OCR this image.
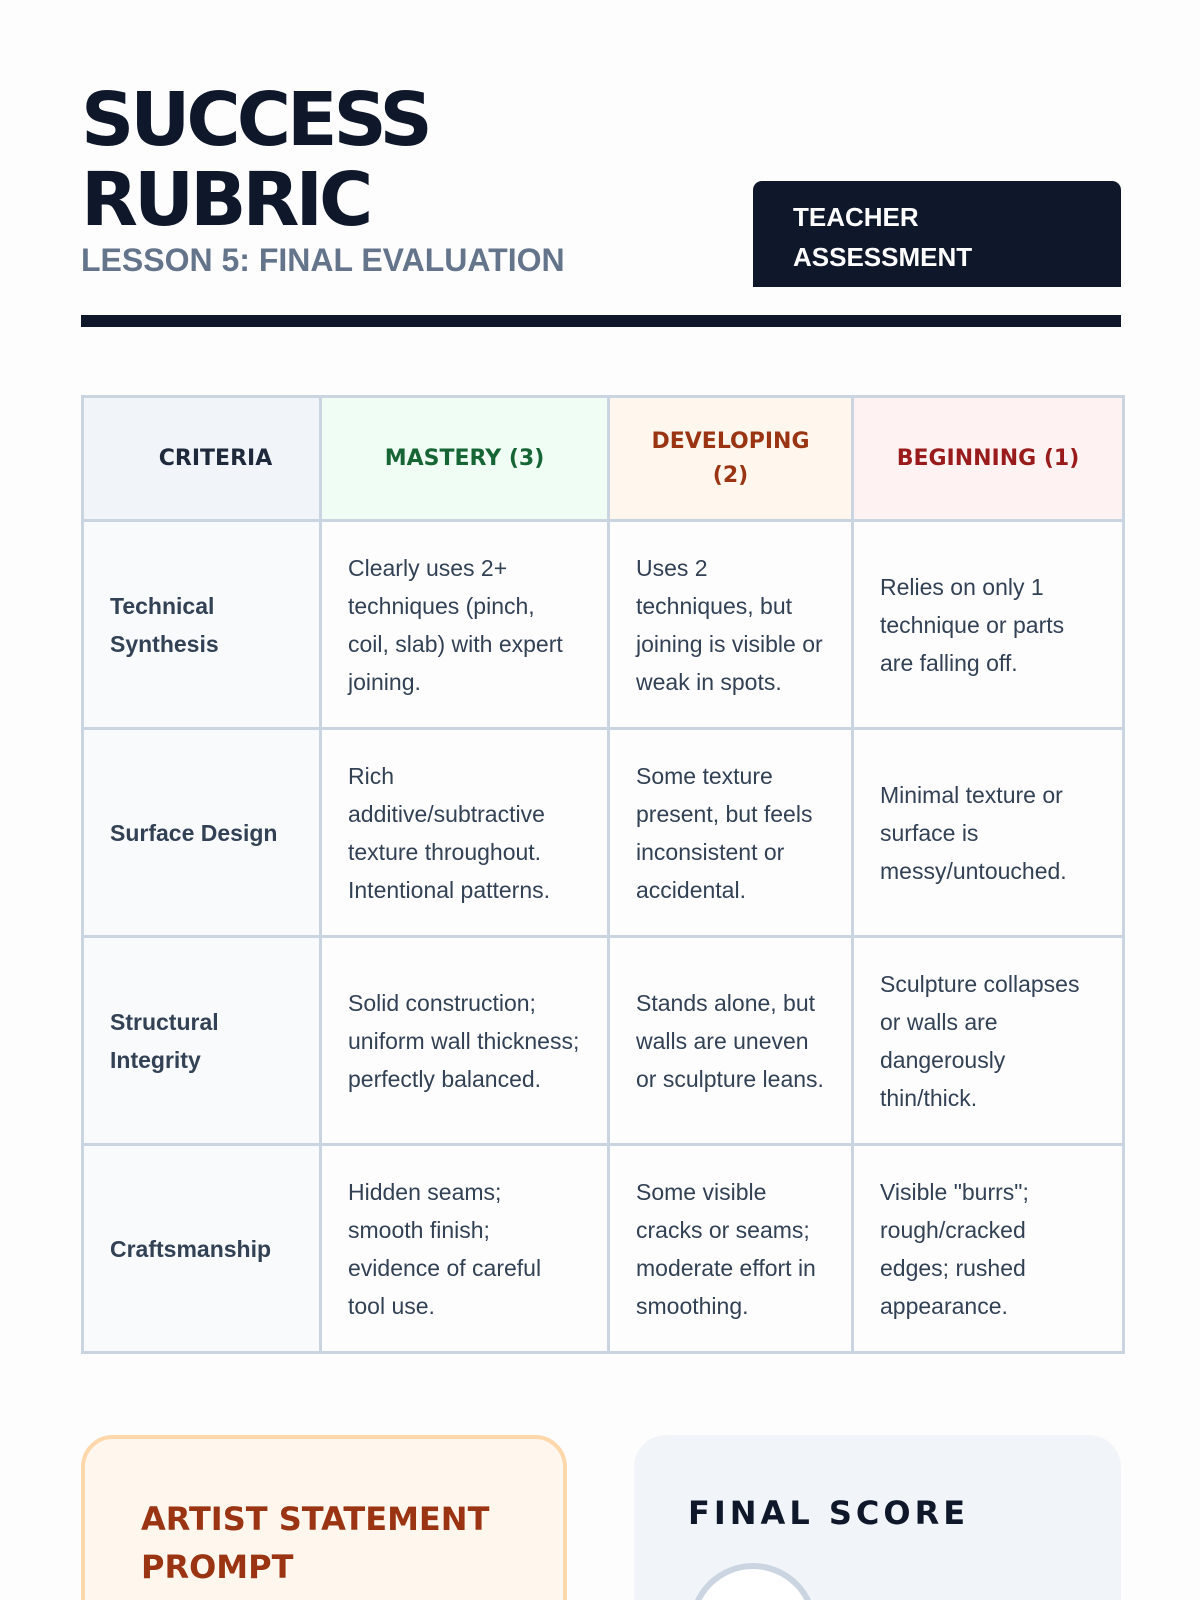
SUCCESS
RUBRIC
LESSON 5: FINAL EVALUATION
TEACHER
ASSESSMENT
CRITERIA	MASTERY (3)	DEVELOPING (2)	BEGINNING (1)
Technical Synthesis	Clearly uses 2+ techniques (pinch, coil, slab) with expert joining.	Uses 2 techniques, but joining is visible or weak in spots.	Relies on only 1 technique or parts are falling off.
Surface Design	Rich additive/subtractive texture throughout. Intentional patterns.	Some texture present, but feels inconsistent or accidental.	Minimal texture or surface is messy/untouched.
Structural Integrity	Solid construction; uniform wall thickness; perfectly balanced.	Stands alone, but walls are uneven or sculpture leans.	Sculpture collapses or walls are dangerously thin/thick.
Craftsmanship	Hidden seams; smooth finish; evidence of careful tool use.	Some visible cracks or seams; moderate effort in smoothing.	Visible "burrs"; rough/cracked edges; rushed appearance.
ARTIST STATEMENT PROMPT
FINAL SCORE
